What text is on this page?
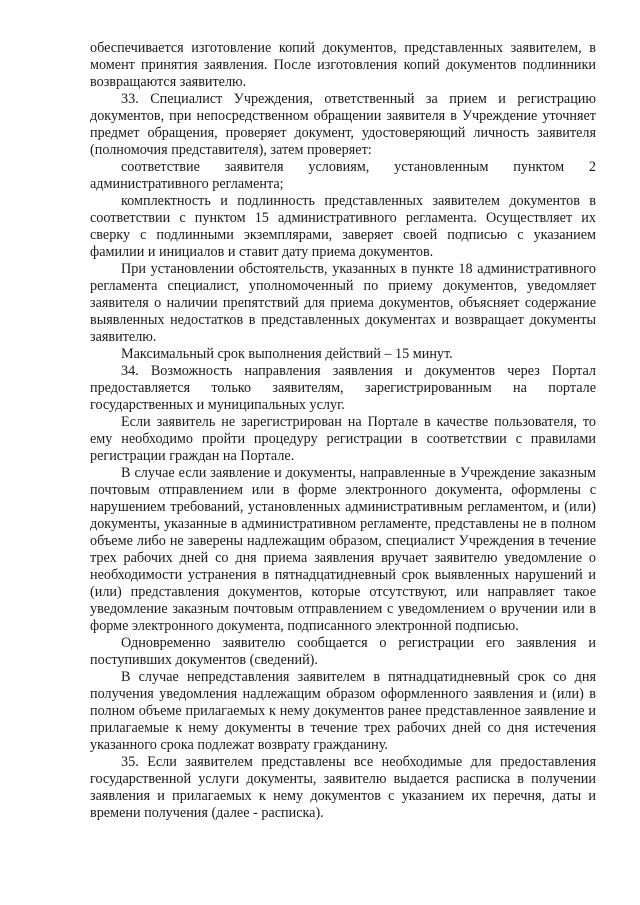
обеспечивается изготовление копий документов, представленных заявителем, в момент принятия заявления. После изготовления копий документов подлинники возвращаются заявителю.

33. Специалист Учреждения, ответственный за прием и регистрацию документов, при непосредственном обращении заявителя в Учреждение уточняет предмет обращения, проверяет документ, удостоверяющий личность заявителя (полномочия представителя), затем проверяет:

соответствие заявителя условиям, установленным пунктом 2 административного регламента;

комплектность и подлинность представленных заявителем документов в соответствии с пунктом 15 административного регламента. Осуществляет их сверку с подлинными экземплярами, заверяет своей подписью с указанием фамилии и инициалов и ставит дату приема документов.

При установлении обстоятельств, указанных в пункте 18 административного регламента специалист, уполномоченный по приему документов, уведомляет заявителя о наличии препятствий для приема документов, объясняет содержание выявленных недостатков в представленных документах и возвращает документы заявителю.

Максимальный срок выполнения действий – 15 минут.

34. Возможность направления заявления и документов через Портал предоставляется только заявителям, зарегистрированным на портале государственных и муниципальных услуг.

Если заявитель не зарегистрирован на Портале в качестве пользователя, то ему необходимо пройти процедуру регистрации в соответствии с правилами регистрации граждан на Портале.

В случае если заявление и документы, направленные в Учреждение заказным почтовым отправлением или в форме электронного документа, оформлены с нарушением требований, установленных административным регламентом, и (или) документы, указанные в административном регламенте, представлены не в полном объеме либо не заверены надлежащим образом, специалист Учреждения в течение трех рабочих дней со дня приема заявления вручает заявителю уведомление о необходимости устранения в пятнадцатидневный срок выявленных нарушений и (или) представления документов, которые отсутствуют, или направляет такое уведомление заказным почтовым отправлением с уведомлением о вручении или в форме электронного документа, подписанного электронной подписью.

Одновременно заявителю сообщается о регистрации его заявления и поступивших документов (сведений).

В случае непредставления заявителем в пятнадцатидневный срок со дня получения уведомления надлежащим образом оформленного заявления и (или) в полном объеме прилагаемых к нему документов ранее представленное заявление и прилагаемые к нему документы в течение трех рабочих дней со дня истечения указанного срока подлежат возврату гражданину.

35. Если заявителем представлены все необходимые для предоставления государственной услуги документы, заявителю выдается расписка в получении заявления и прилагаемых к нему документов с указанием их перечня, даты и времени получения (далее - расписка).
